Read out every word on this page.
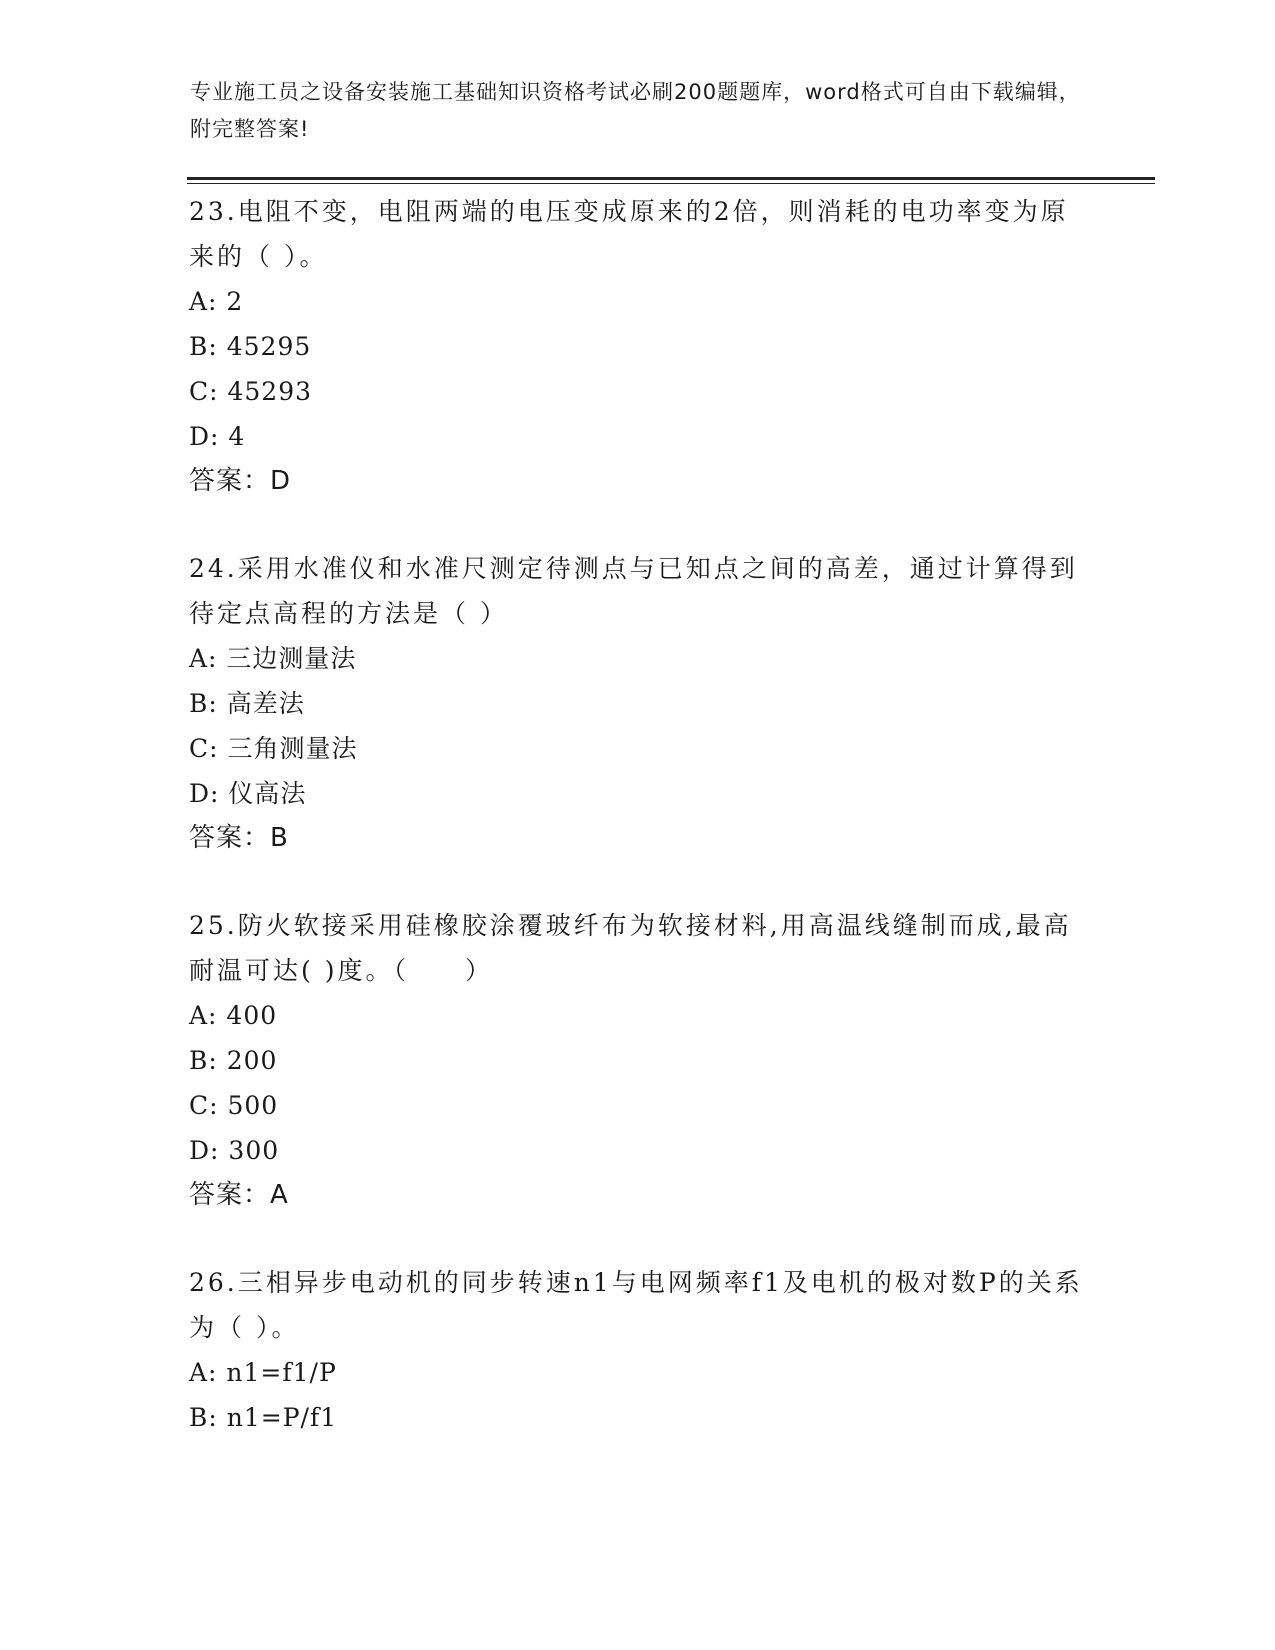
专业施工员之设备安装施工基础知识资格考试必刷200题题库，word格式可自由下载编辑，附完整答案!

23.电阻不变，电阻两端的电压变成原来的2倍，则消耗的电功率变为原来的（ ）。

A: 2

B: 45295

C: 45293

D: 4

答案：D

24.采用水准仪和水准尺测定待测点与已知点之间的高差，通过计算得到待定点高程的方法是（ ）

A: 三边测量法

B: 高差法

C: 三角测量法

D: 仪高法

答案：B

25.防火软接采用硅橡胶涂覆玻纤布为软接材料,用高温线缝制而成,最高耐温可达( )度。（　　）

A: 400

B: 200

C: 500

D: 300

答案：A

26.三相异步电动机的同步转速n1与电网频率f1及电机的极对数P的关系为（ ）。

A: n1=f1/P

B: n1=P/f1
